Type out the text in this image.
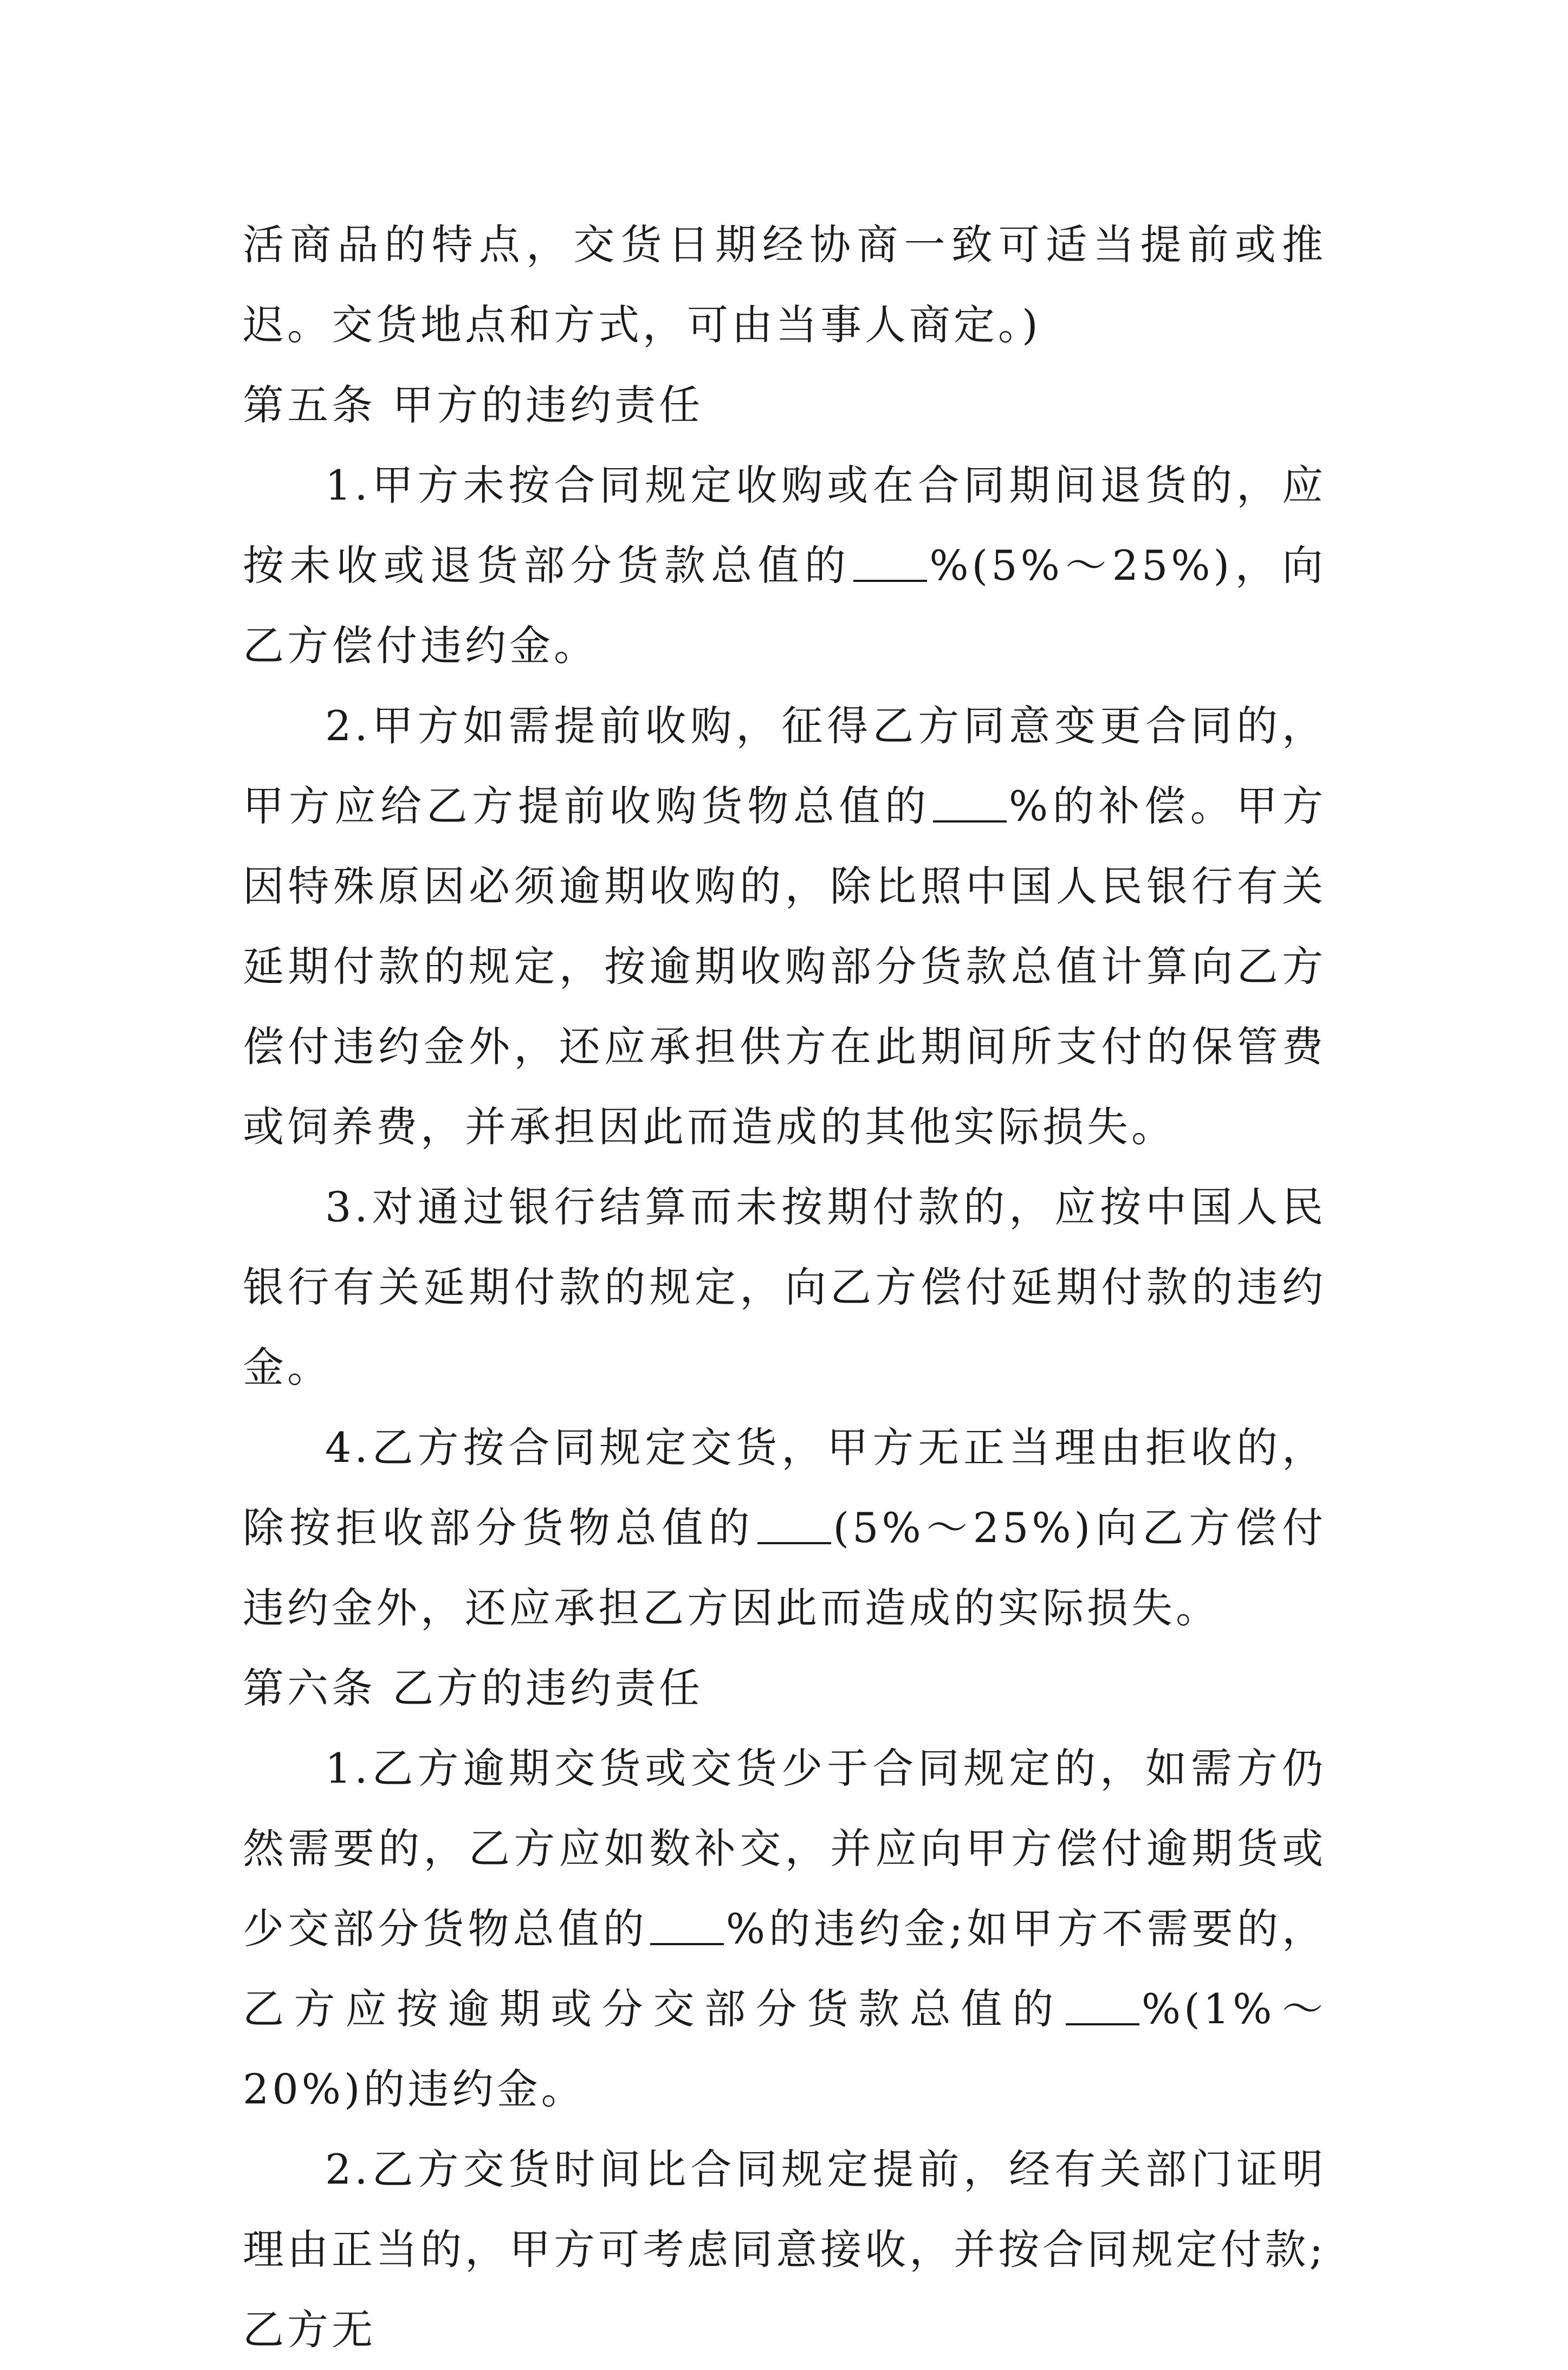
活商品的特点，交货日期经协商一致可适当提前或推迟。交货地点和方式，可由当事人商定。)

第五条 甲方的违约责任

1.甲方未按合同规定收购或在合同期间退货的，应按未收或退货部分货款总值的 %(5%～25%)，向乙方偿付违约金。

2.甲方如需提前收购，征得乙方同意变更合同的，甲方应给乙方提前收购货物总值的 %的补偿。甲方因特殊原因必须逾期收购的，除比照中国人民银行有关延期付款的规定，按逾期收购部分货款总值计算向乙方偿付违约金外，还应承担供方在此期间所支付的保管费或饲养费，并承担因此而造成的其他实际损失。

3.对通过银行结算而未按期付款的，应按中国人民银行有关延期付款的规定，向乙方偿付延期付款的违约金。

4.乙方按合同规定交货，甲方无正当理由拒收的，除按拒收部分货物总值的 (5%～25%)向乙方偿付违约金外，还应承担乙方因此而造成的实际损失。

第六条 乙方的违约责任

1.乙方逾期交货或交货少于合同规定的，如需方仍然需要的，乙方应如数补交，并应向甲方偿付逾期货或少交部分货物总值的 %的违约金;如甲方不需要的，乙方应按逾期或分交部分货款总值的 %(1%～20%)的违约金。

2.乙方交货时间比合同规定提前，经有关部门证明理由正当的，甲方可考虑同意接收，并按合同规定付款;乙方无
